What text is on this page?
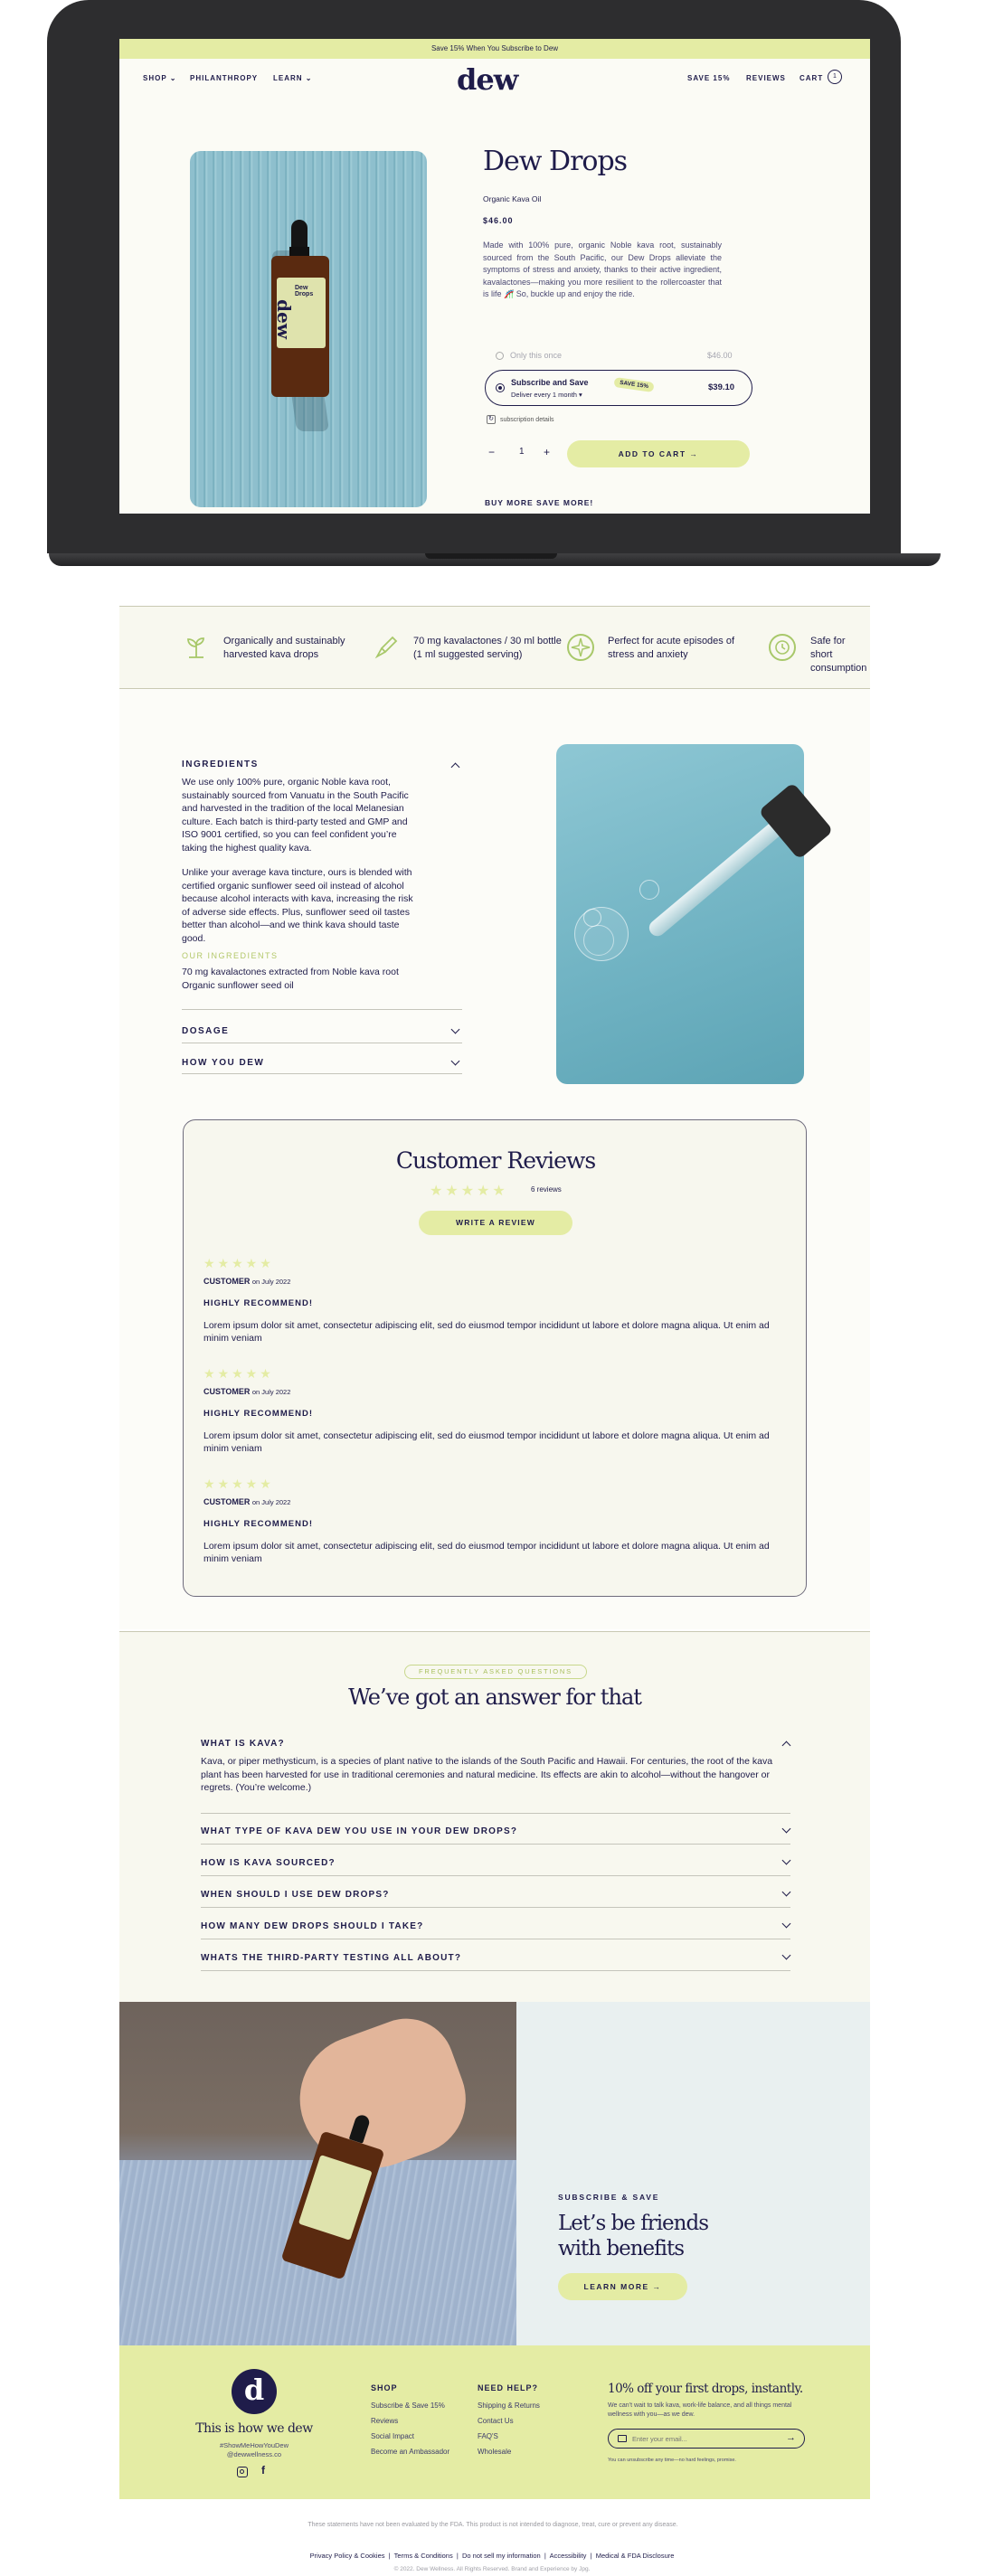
Save 15% When You Subscribe to Dew
SHOP ⌄ PHILANTHROPY LEARN ⌄	dew	SAVE 15% REVIEWS CART	1
Dew Drops
dew
Dew Drops
Organic Kava Oil
$46.00
Made with 100% pure, organic Noble kava root, sustainably sourced from the South Pacific, our Dew Drops alleviate the symptoms of stress and anxiety, thanks to their active ingredient, kavalactones—making you more resilient to the rollercoaster that is life 🎢 So, buckle up and enjoy the ride.
Only this once	$46.00
Subscribe and Save
Deliver every 1 month ▾
SAVE 15%	$39.10
↻ subscription details
−	1 +	ADD TO CART →
BUY MORE SAVE MORE!
Organically and sustainably harvested kava drops
70 mg kavalactones / 30 ml bottle (1 ml suggested serving)
Perfect for acute episodes of stress and anxiety
Safe for short consumption
INGREDIENTS
We use only 100% pure, organic Noble kava root, sustainably sourced from Vanuatu in the South Pacific and harvested in the tradition of the local Melanesian culture. Each batch is third-party tested and GMP and ISO 9001 certified, so you can feel confident you’re taking the highest quality kava.
Unlike your average kava tincture, ours is blended with certified organic sunflower seed oil instead of alcohol because alcohol interacts with kava, increasing the risk of adverse side effects. Plus, sunflower seed oil tastes better than alcohol—and we think kava should taste good.
OUR INGREDIENTS
70 mg kavalactones extracted from Noble kava root
Organic sunflower seed oil
DOSAGE
HOW YOU DEW
Customer Reviews
★★★★★	6 reviews
WRITE A REVIEW
★★★★★
CUSTOMER on July 2022
HIGHLY RECOMMEND!
Lorem ipsum dolor sit amet, consectetur adipiscing elit, sed do eiusmod tempor incididunt ut labore et dolore magna aliqua. Ut enim ad minim veniam
★★★★★
CUSTOMER on July 2022
HIGHLY RECOMMEND!
Lorem ipsum dolor sit amet, consectetur adipiscing elit, sed do eiusmod tempor incididunt ut labore et dolore magna aliqua. Ut enim ad minim veniam
★★★★★
CUSTOMER on July 2022
HIGHLY RECOMMEND!
Lorem ipsum dolor sit amet, consectetur adipiscing elit, sed do eiusmod tempor incididunt ut labore et dolore magna aliqua. Ut enim ad minim veniam
FREQUENTLY ASKED QUESTIONS
We’ve got an answer for that
WHAT IS KAVA?
Kava, or piper methysticum, is a species of plant native to the islands of the South Pacific and Hawaii. For centuries, the root of the kava plant has been harvested for use in traditional ceremonies and natural medicine. Its effects are akin to alcohol—without the hangover or regrets. (You’re welcome.)
WHAT TYPE OF KAVA DEW YOU USE IN YOUR DEW DROPS?
HOW IS KAVA SOURCED?
WHEN SHOULD I USE DEW DROPS?
HOW MANY DEW DROPS SHOULD I TAKE?
WHATS THE THIRD-PARTY TESTING ALL ABOUT?
SUBSCRIBE & SAVE
Let’s be friends
with benefits
LEARN MORE →
d
This is how we dew
#ShowMeHowYouDew
@dewwellness.co
f
SHOP
Subscribe & Save 15%
Reviews
Social Impact
Become an Ambassador
NEED HELP?
Shipping & Returns
Contact Us
FAQ'S
Wholesale
10% off your first drops, instantly.
We can’t wait to talk kava, work-life balance, and all things mental wellness with you—as we dew.
Enter your email...
→
You can unsubscribe any time—no hard feelings, promise.
These statements have not been evaluated by the FDA. This product is not intended to diagnose, treat, cure or prevent any disease.
Privacy Policy & Cookies  |  Terms & Conditions  |  Do not sell my information  |  Accessibility  |  Medical & FDA Disclosure
© 2022. Dew Wellness. All Rights Reserved. Brand and Experience by Jpg.
